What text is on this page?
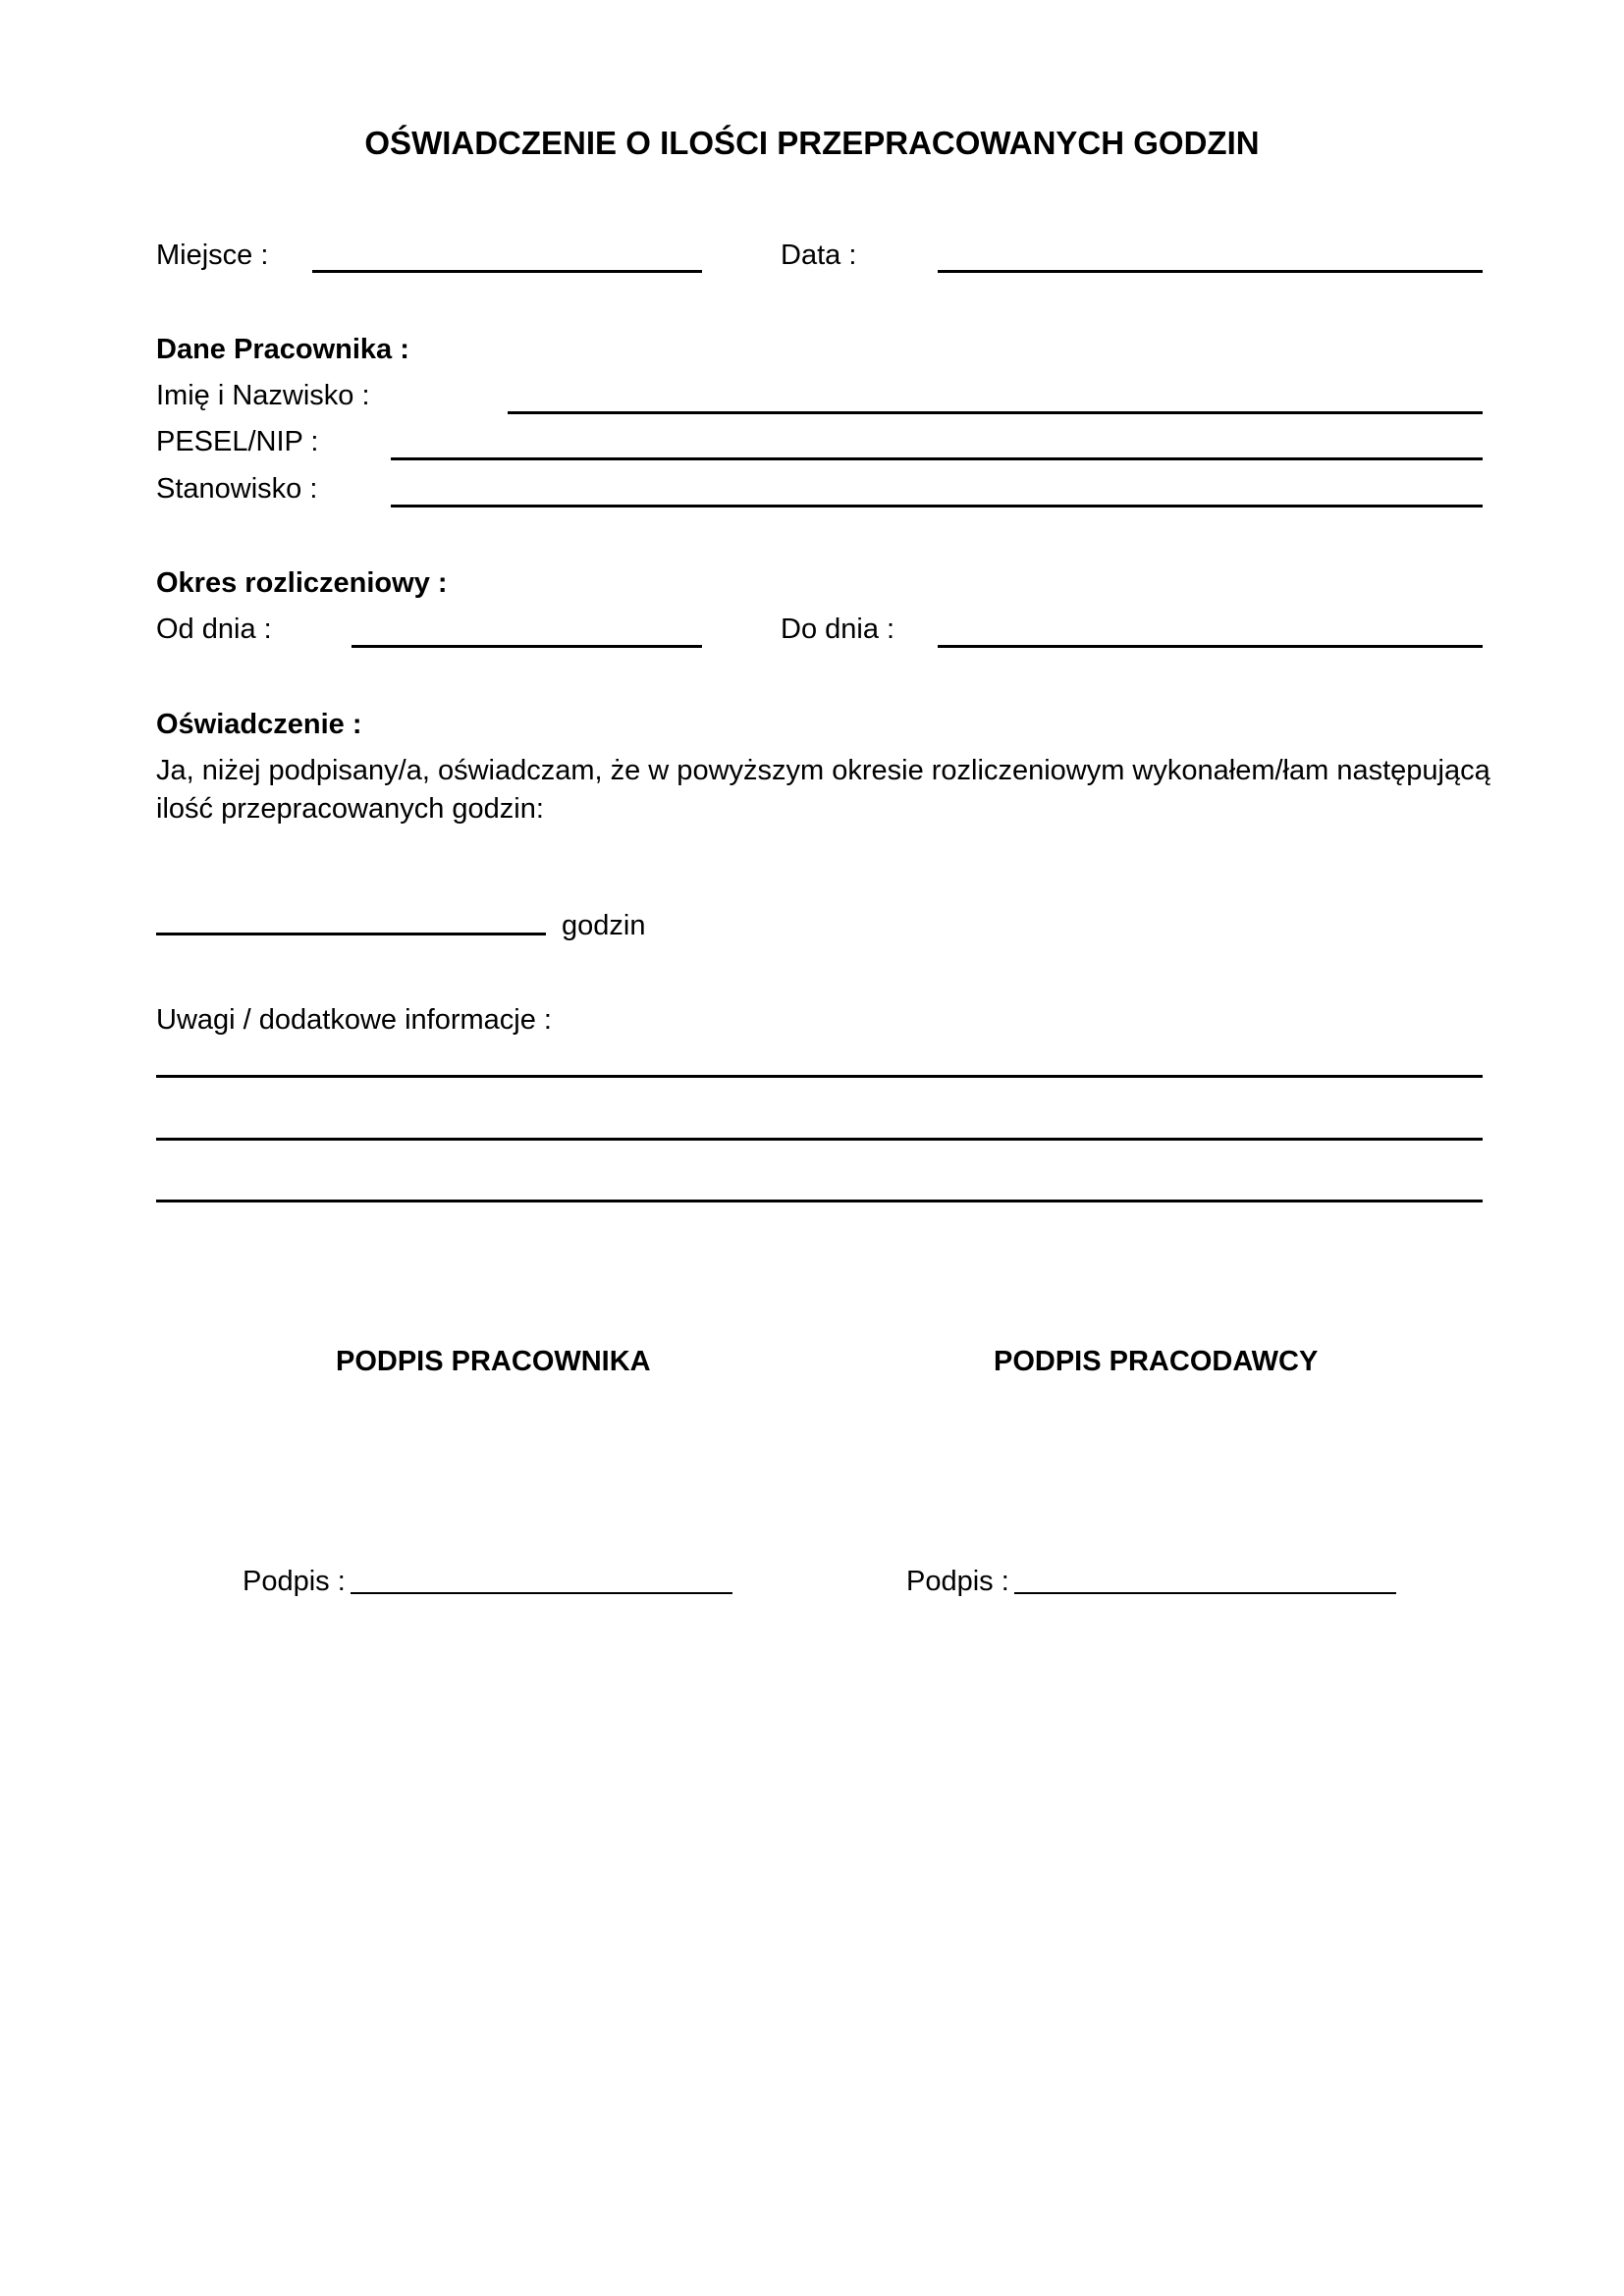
OŚWIADCZENIE O ILOŚCI PRZEPRACOWANYCH GODZIN
Miejsce :	Data :
Dane Pracownika :
Imię i Nazwisko :
PESEL/NIP :
Stanowisko :
Okres rozliczeniowy :
Od dnia :	Do dnia :
Oświadczenie :
Ja, niżej podpisany/a, oświadczam, że w powyższym okresie rozliczeniowym wykonałem/łam następującą ilość przepracowanych godzin:
godzin
Uwagi / dodatkowe informacje :
PODPIS PRACOWNIKA	PODPIS PRACODAWCY
Podpis :	Podpis :
